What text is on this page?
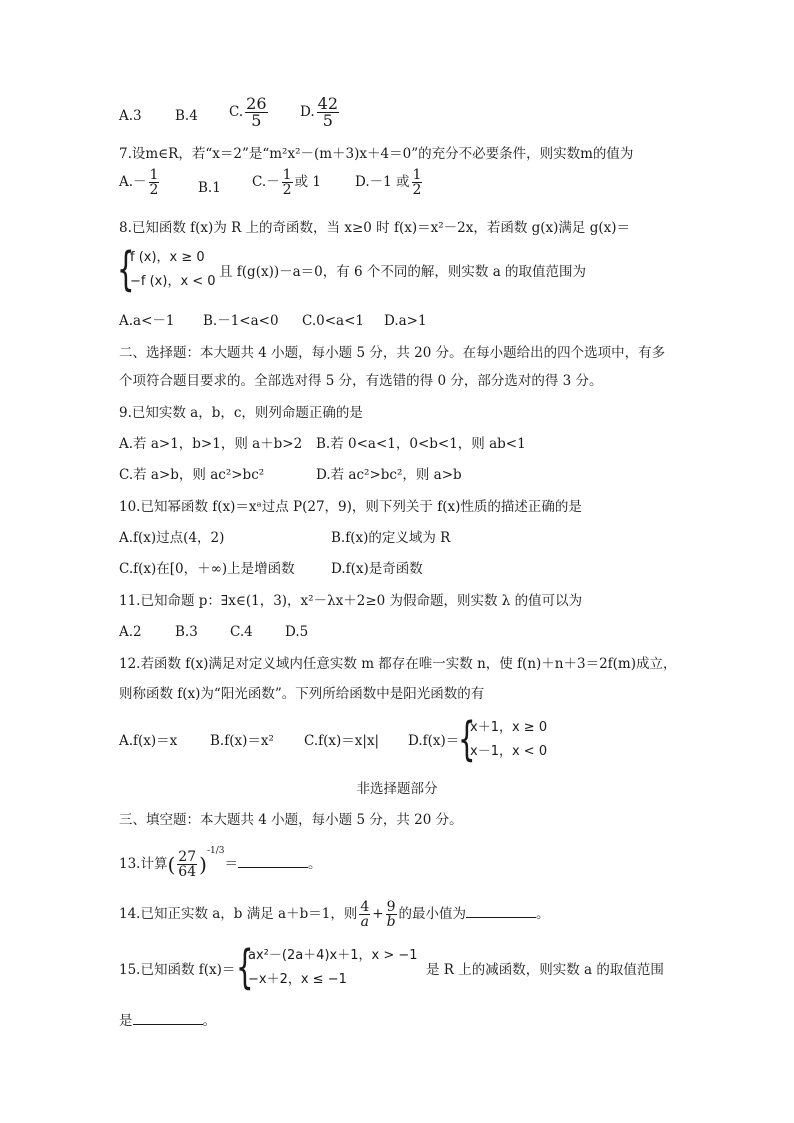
A.3 B.4 C. $\frac{26}{5} D$. $\frac{42}{5}$
7.设m∈R，若“x＝2”是“m²x²－(m＋3)x＋4＝0”的充分不必要条件，则实数m的值为
$A.- \frac{1}{2}$	B.1 $C.- \frac{1}{2}$ 或 1	D.－1 或 $\frac{1}{2}$
8.已知函数 f(x)为 R 上的奇函数，当 x≥0 时 f(x)＝x²－2x，若函数 g(x)满足 g(x)＝
{
f (x)，x ≥ 0
−f (x)，x < 0
且 f(g(x))－a＝0，有 6 个不同的解，则实数 a 的取值范围为
A.a<－1 B.－1<a<0 C.0<a<1 D.a>1
二、选择题：本大题共 4 小题，每小题 5 分，共 20 分。在每小题给出的四个选项中，有多
个项符合题目要求的。全部选对得 5 分，有选错的得 0 分，部分选对的得 3 分。
9.已知实数 a，b，c，则列命题正确的是
A.若 a>1，b>1，则 a＋b>2 B.若 0<a<1，0<b<1，则 ab<1
C.若 a>b，则 ac²>bc²	D.若 ac²>bc²，则 a>b
10.已知幂函数 f(x)＝xᵃ过点 P(27，9)，则下列关于 f(x)性质的描述正确的是
A.f(x)过点(4，2)	B.f(x)的定义域为 R
C.f(x)在[0，＋∞)上是增函数	D.f(x)是奇函数
11.已知命题 p：∃x∈(1，3)，x²－λx＋2≥0 为假命题，则实数 λ 的值可以为
A.2 B.3 C.4 D.5
12.若函数 f(x)满足对定义域内任意实数 m 都存在唯一实数 n，使 f(n)＋n＋3＝2f(m)成立，
则称函数 f(x)为“阳光函数”。下列所给函数中是阳光函数的有
A.f(x)＝x B.f(x)＝x² C.f(x)＝x|x| D.f(x)＝
{
x＋1，x ≥ 0
x－1，x < 0
非选择题部分
三、填空题：本大题共 4 小题，每小题 5 分，共 20 分。
13.计算( $\frac{27}{64} )^{-1/3}=$	。
14.已知正实数 a，b 满足 a＋b＝1，则 $\frac{4}{a} + \frac{9}{b}$ 的最小值为	。
15.已知函数 f(x)＝ {
ax²－(2a＋4)x＋1，x > −1
−x＋2，x ≤ −1
是 R 上的减函数，则实数 a 的取值范围
是	。
